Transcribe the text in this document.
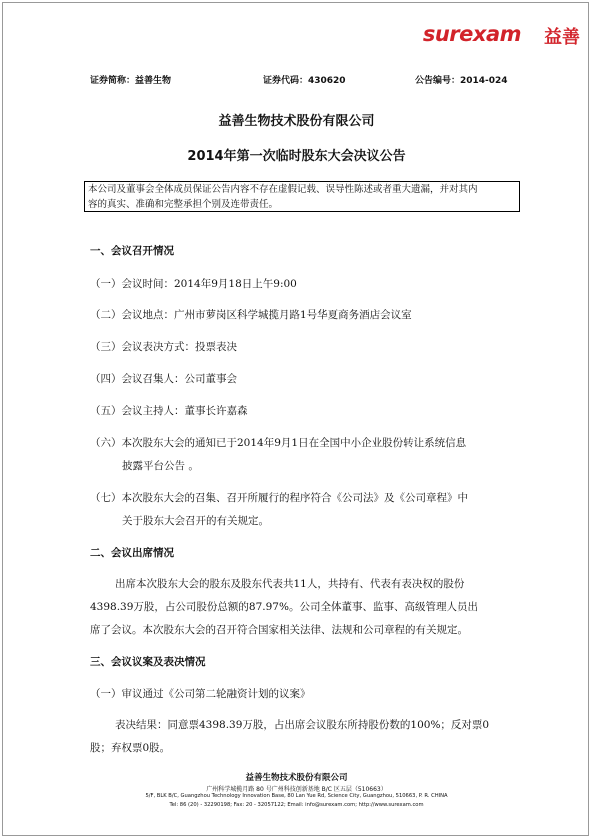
surexam 益善
证券简称：益善生物	证券代码：430620	公告编号：2014-024
益善生物技术股份有限公司
2014年第一次临时股东大会决议公告
本公司及董事会全体成员保证公告内容不存在虚假记载、误导性陈述或者重大遗漏，并对其内
容的真实、准确和完整承担个别及连带责任。
一、会议召开情况
（一）会议时间：2014年9月18日上午9:00
（二）会议地点：广州市萝岗区科学城揽月路1号华夏商务酒店会议室
（三）会议表决方式：投票表决
（四）会议召集人：公司董事会
（五）会议主持人：董事长许嘉森
（六）本次股东大会的通知已于2014年9月1日在全国中小企业股份转让系统信息
披露平台公告 。
（七）本次股东大会的召集、召开所履行的程序符合《公司法》及《公司章程》中
关于股东大会召开的有关规定。
二、会议出席情况
出席本次股东大会的股东及股东代表共11人，共持有、代表有表决权的股份
4398.39万股，占公司股份总额的87.97%。公司全体董事、监事、高级管理人员出
席了会议。本次股东大会的召开符合国家相关法律、法规和公司章程的有关规定。
三、会议议案及表决情况
（一）审议通过《公司第二轮融资计划的议案》
表决结果：同意票4398.39万股，占出席会议股东所持股份数的100%；反对票0
股；弃权票0股。
益善生物技术股份有限公司
广州科学城揽月路 80 号广州科技创新基地 B/C 区五层（510663）
5/F, BLK B/C, Guangzhou Technology Innovation Base, 80 Lan Yue Rd, Science City, Guangzhou, 510663, P. R. CHINA
Tel: 86 (20) - 32290198; Fax: 20 - 32057122; Email: info@surexam.com; http://www.surexam.com
